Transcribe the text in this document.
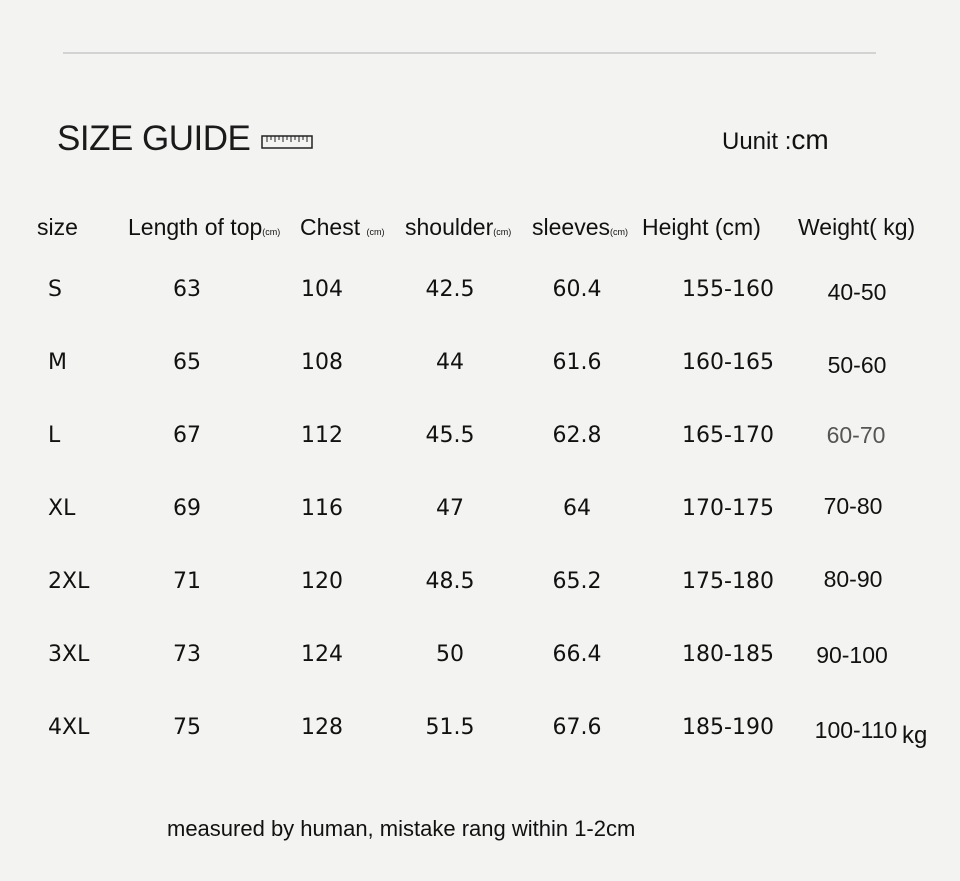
SIZE GUIDE	Uunit :cm
size Length of top(cm) Chest (cm) shoulder(cm) sleeves(cm) Height (cm) Weight( kg)
S	63	104	42.5	60.4	155-160 40-50
M	65	108	44	61.6	160-165 50-60
L	67	112	45.5	62.8	165-170 60-70
XL	69	116	47	64	170-175 70-80
2XL	71	120	48.5	65.2	175-180 80-90
3XL	73	124	50	66.4	180-185 90-100
4XL	75	128	51.5	67.6	185-190 100-110 kg
measured by human, mistake rang within 1-2cm
